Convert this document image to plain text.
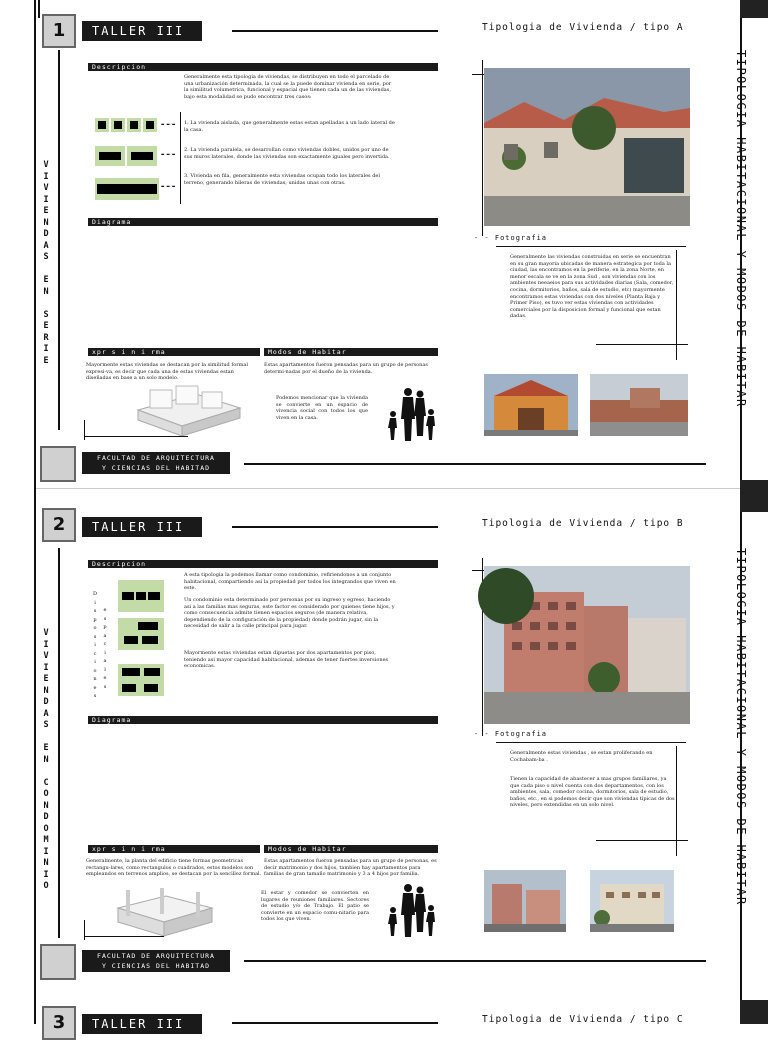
TIPOLOGIA HABITACIONAL Y MODOS DE HABITAR
TIPOLOGIA HABITACIONAL Y MODOS DE HABITAR
1	TALLER III A
Tipologia de Vivienda / tipo A
V
I
V
I
E
N
D
A
S

E
N

S
E
R
I
E
Descripcion
Generalmente esta tipologia de viviendas, se distribuyen en todo el parcelado de una urbanización determinada, la cual se la puede dominar vivienda en serie, por la similitud volumetrica, funcional y espacial que tienen cada un de las viviendas, bajo esta modalidad se pudo encontrar tres casos:
--- 1. La vivienda aislada, que generalmente estas estan apelladas a un lado lateral de la casa.
--- 2. La vivienda paralela, se desarrollan como viviendas dobles, unidos por uno de sus muros laterales, donde las viviendas son exactamente iguales pero invertida.
---
3. Vivienda en fila, generalmente esta viviendas ocupan todo los laterales del terreno, generando hileras de viviendas, unidas unas con otras.
Diagrama
xpr s i n i rma	Modos de Habitar
Mayormente estas viviendas se destacan por la similitud formal expresi-va, es decir que cada una de estas viviendas estan diseñadas en base a un solo modelo.
Estas apartamentos fueron pensadas para un grupo de personas determi-nadas por el dueño de la vivienda.
Podemos mencionar que la vivienda se convierte en un espacio de vivencia social con todos los que viven en la casa.
- - Fotografia
Generalmente las viviendas construidas en serie se encuentran en su gran mayoria ubicadas de manera estrategica por toda la ciudad, las encontramos en la periferie, en la zona Norte, en menor escala se ve en la zona Sud , son viviendas con los ambientes neeaeios para sus actividades diarias (Sala, comedor, cocina, dormitorios, baños, sala de estudio, etc) mayormente encontramos estas viviendas con dos niveles (Planta Baja y Primer Piso), es tuvo ver estas viviendas con actividades comerciales por la disposicion formal y funcional que estan dadas.
FACULTAD DE ARQUITECTURA
Y CIENCIAS DEL HABITAD
2	TALLER III A
Tipologia de Vivienda / tipo B
V
I
V
I
E
N
D
A
S

E
N

C
O
N
D
O
M
I
N
I
O
Descripcion
D
i
s
p
o
s
i
c
i
o
n
e
s
e
s
p
a
c
i
a
l
e
s
A esta tipologia la podemos llamar como condominio, refiriendonos a un conjunto habitacional, compartiendo asi la propiedad por todos los integrandos que viven en este.
Un condominio esta determinado por personas por su ingreso y egreso, haciendo asi a las familias mas seguras, este factor es considerado por quienes tiene hijos, y como consecuencia admite tienen espacios seguros (de manera relativa, dependiendo de la configuración de la propiedad) donde podrán jugar, sin la necesidad de salir a la calle principal para jugar.
Mayormente estas viviendas estan dipuetas por dos apartamentos por piso, teniendo asi mayor capacidad habitacional, ademas de tener fuertes inversiones economicas.
Diagrama
xpr s i n i rma	Modos de Habitar
Generalmente, la planta del edificio tiene formas geometricas rectangu-lares, como rectangulos o cuadrados, estos modelos son empleandos en terrenos amplios, se destacan por la sencillez formal.
Estas apartamentos fueron pensadas para un grupo de personas, es decir matrimonio y dos hijos, tambien hay apartamentos para familias de gran tamaño matrimonio y 3 a 4 hijos por familia.
El estar y comedor se convierten en lugares de reuniones familiares. Sectores de estudio y/o de Trabajo. El patio se convierte en un espacio comu-nitario para todos los que viven.
- - Fotografia
Generalmente estas viviendas , se estan proliferando en Cochabam-ba .
Tienen la capacidad de abastecer a mas grupos familiares, ya que cada piso o nivel cuenta con dos departamentos, con los ambientes, sala, comedor cocina, dormitorios, sala de estudio, baños, etc., en si podemos decir que son viviendas tipicas de dos niveles, pero extendidas en un solo nivel.
FACULTAD DE ARQUITECTURA
Y CIENCIAS DEL HABITAD
3	TALLER III A
Tipologia de Vivienda / tipo C
